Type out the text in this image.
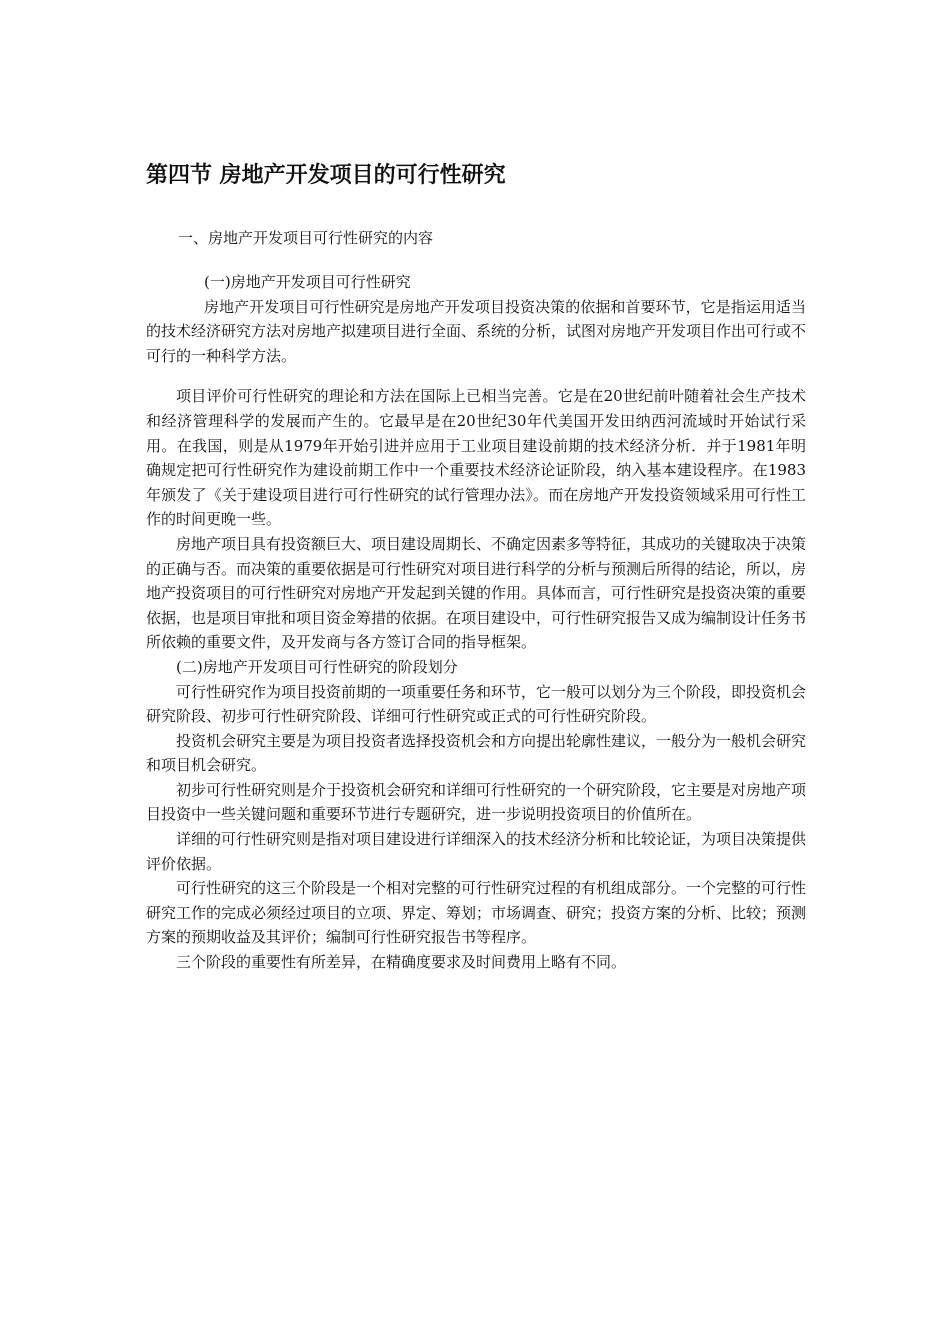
第四节 房地产开发项目的可行性研究
一、房地产开发项目可行性研究的内容

(一)房地产开发项目可行性研究

房地产开发项目可行性研究是房地产开发项目投资决策的依据和首要环节，它是指运用适当的技术经济研究方法对房地产拟建项目进行全面、系统的分析，试图对房地产开发项目作出可行或不可行的一种科学方法。

项目评价可行性研究的理论和方法在国际上已相当完善。它是在20世纪前叶随着社会生产技术和经济管理科学的发展而产生的。它最早是在20世纪30年代美国开发田纳西河流域时开始试行采用。在我国，则是从1979年开始引进并应用于工业项目建设前期的技术经济分析．并于1981年明确规定把可行性研究作为建设前期工作中一个重要技术经济论证阶段，纳入基本建设程序。在1983年颁发了《关于建设项目进行可行性研究的试行管理办法》。而在房地产开发投资领域采用可行性工作的时间更晚一些。

房地产项目具有投资额巨大、项目建设周期长、不确定因素多等特征，其成功的关键取决于决策的正确与否。而决策的重要依据是可行性研究对项目进行科学的分析与预测后所得的结论，所以，房地产投资项目的可行性研究对房地产开发起到关键的作用。具体而言，可行性研究是投资决策的重要依据，也是项目审批和项目资金筹措的依据。在项目建设中，可行性研究报告又成为编制设计任务书所依赖的重要文件，及开发商与各方签订合同的指导框架。

(二)房地产开发项目可行性研究的阶段划分

可行性研究作为项目投资前期的一项重要任务和环节，它一般可以划分为三个阶段，即投资机会研究阶段、初步可行性研究阶段、详细可行性研究或正式的可行性研究阶段。

投资机会研究主要是为项目投资者选择投资机会和方向提出轮廓性建议，一般分为一般机会研究和项目机会研究。

初步可行性研究则是介于投资机会研究和详细可行性研究的一个研究阶段，它主要是对房地产项目投资中一些关键问题和重要环节进行专题研究，进一步说明投资项目的价值所在。

详细的可行性研究则是指对项目建设进行详细深入的技术经济分析和比较论证，为项目决策提供评价依据。

可行性研究的这三个阶段是一个相对完整的可行性研究过程的有机组成部分。一个完整的可行性研究工作的完成必须经过项目的立项、界定、筹划；市场调查、研究；投资方案的分析、比较；预测方案的预期收益及其评价；编制可行性研究报告书等程序。

三个阶段的重要性有所差异，在精确度要求及时间费用上略有不同。
